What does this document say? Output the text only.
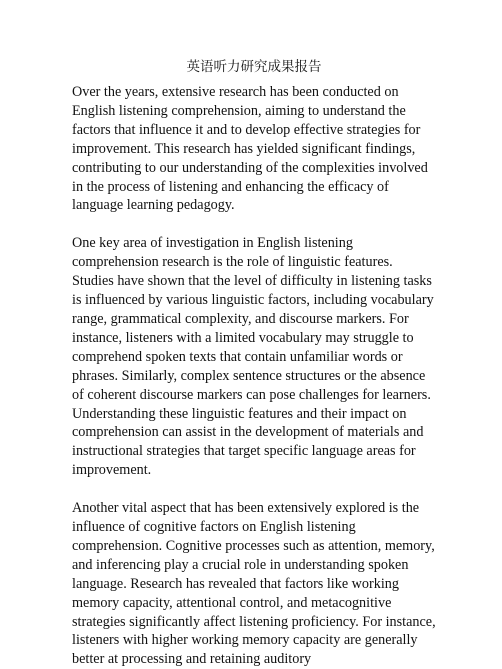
英语听力研究成果报告

Over the years, extensive research has been conducted on English listening comprehension, aiming to understand the factors that influence it and to develop effective strategies for improvement. This research has yielded significant findings, contributing to our understanding of the complexities involved in the process of listening and enhancing the efficacy of language learning pedagogy.

One key area of investigation in English listening comprehension research is the role of linguistic features. Studies have shown that the level of difficulty in listening tasks is influenced by various linguistic factors, including vocabulary range, grammatical complexity, and discourse markers. For instance, listeners with a limited vocabulary may struggle to comprehend spoken texts that contain unfamiliar words or phrases. Similarly, complex sentence structures or the absence of coherent discourse markers can pose challenges for learners. Understanding these linguistic features and their impact on comprehension can assist in the development of materials and instructional strategies that target specific language areas for improvement.

Another vital aspect that has been extensively explored is the influence of cognitive factors on English listening comprehension. Cognitive processes such as attention, memory, and inferencing play a crucial role in understanding spoken language. Research has revealed that factors like working memory capacity, attentional control, and metacognitive strategies significantly affect listening proficiency. For instance, listeners with higher working memory capacity are generally better at processing and retaining auditory
